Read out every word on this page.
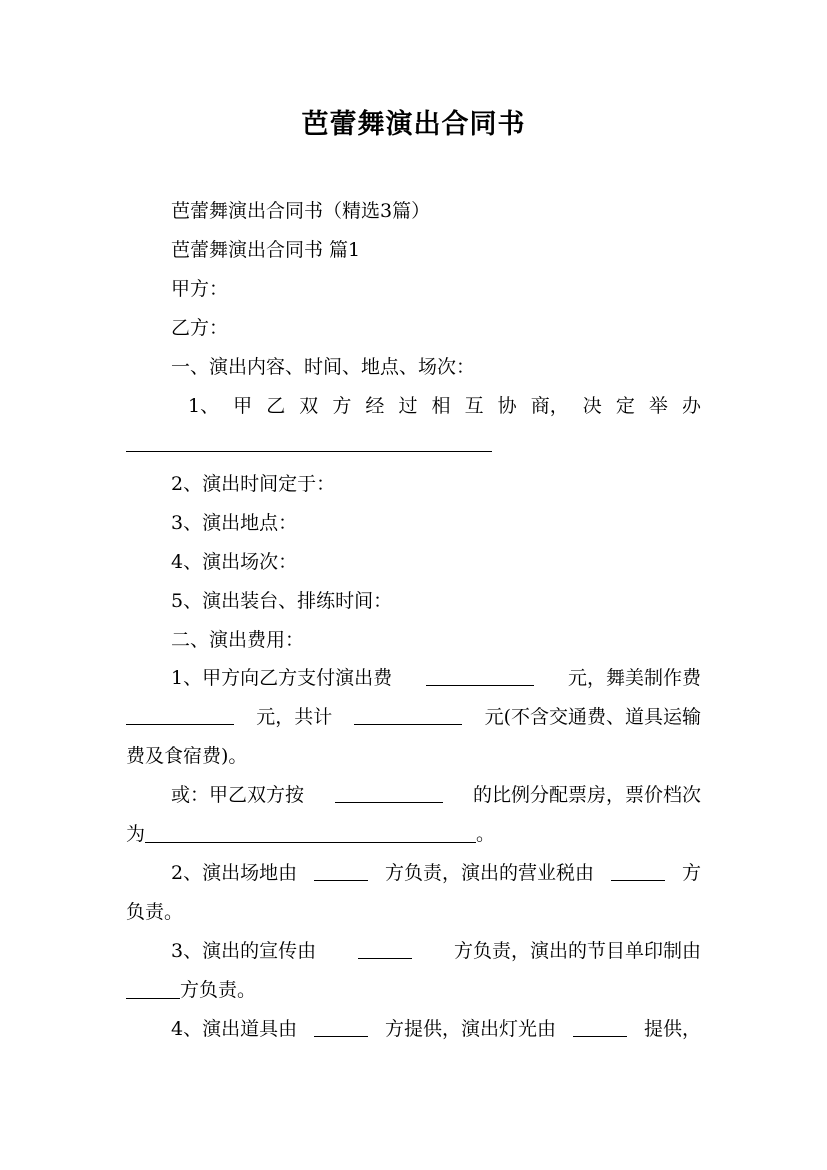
芭蕾舞演出合同书
芭蕾舞演出合同书（精选3篇）
芭蕾舞演出合同书 篇1
甲方：
乙方：
一、演出内容、时间、地点、场次：
1、 甲 乙 双 方 经 过 相 互 协 商， 决 定 举 办
2、演出时间定于：
3、演出地点：
4、演出场次：
5、演出装台、排练时间：
二、演出费用：
1、甲方向乙方支付演出费	元，舞美制作费
元，共计	元(不含交通费、道具运输
费及食宿费)。
或：甲乙双方按	的比例分配票房，票价档次
为	。
2、演出场地由	方负责，演出的营业税由	方
负责。
3、演出的宣传由	方负责，演出的节目单印制由
方负责。
4、演出道具由	方提供，演出灯光由	提供，
